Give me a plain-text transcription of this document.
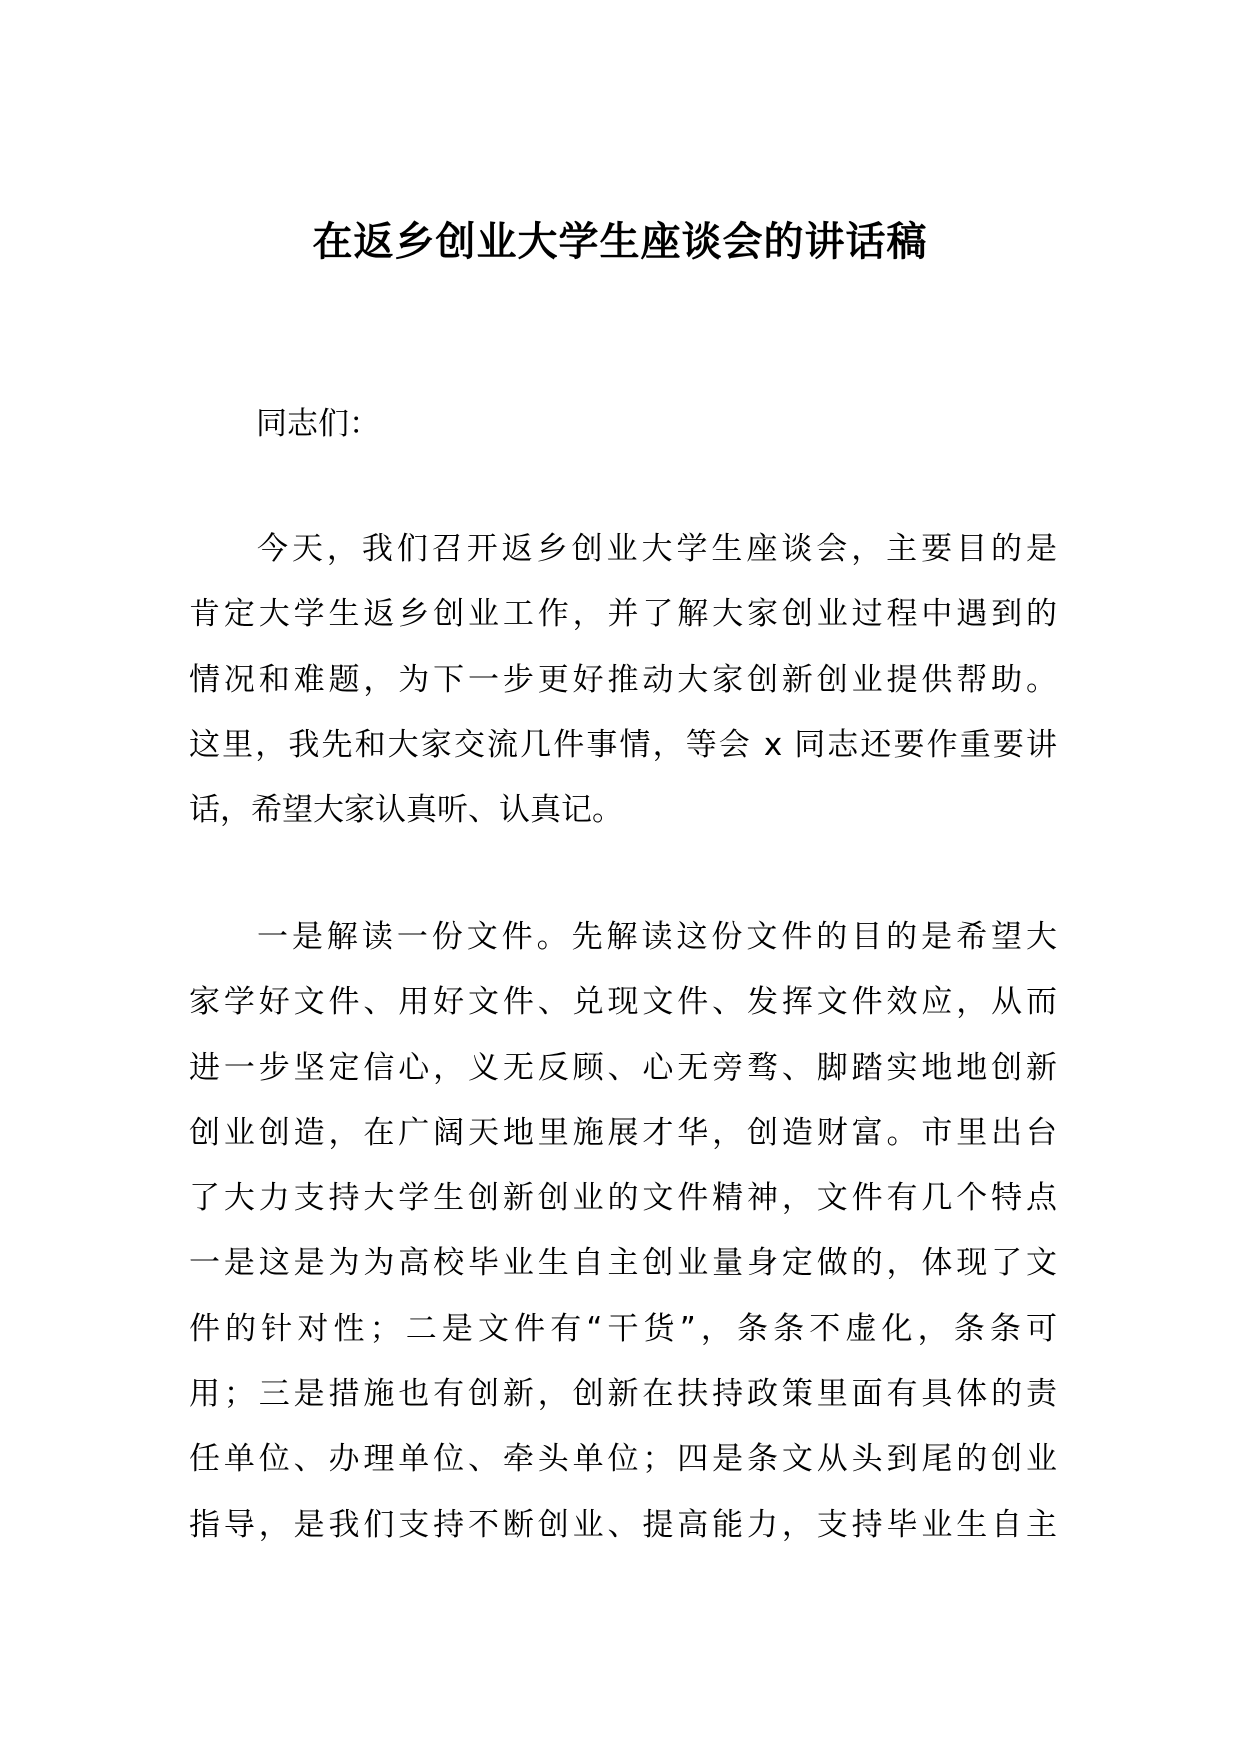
在返乡创业大学生座谈会的讲话稿
同志们：
今天，我们召开返乡创业大学生座谈会，主要目的是
肯定大学生返乡创业工作，并了解大家创业过程中遇到的
情况和难题，为下一步更好推动大家创新创业提供帮助。
这里，我先和大家交流几件事情，等会 x 同志还要作重要讲
话，希望大家认真听、认真记。
一是解读一份文件。先解读这份文件的目的是希望大
家学好文件、用好文件、兑现文件、发挥文件效应，从而
进一步坚定信心，义无反顾、心无旁骛、脚踏实地地创新
创业创造，在广阔天地里施展才华，创造财富。市里出台
了大力支持大学生创新创业的文件精神，文件有几个特点
一是这是为为高校毕业生自主创业量身定做的，体现了文
件的针对性；二是文件有“干货”，条条不虚化，条条可
用；三是措施也有创新，创新在扶持政策里面有具体的责
任单位、办理单位、牵头单位；四是条文从头到尾的创业
指导，是我们支持不断创业、提高能力，支持毕业生自主
